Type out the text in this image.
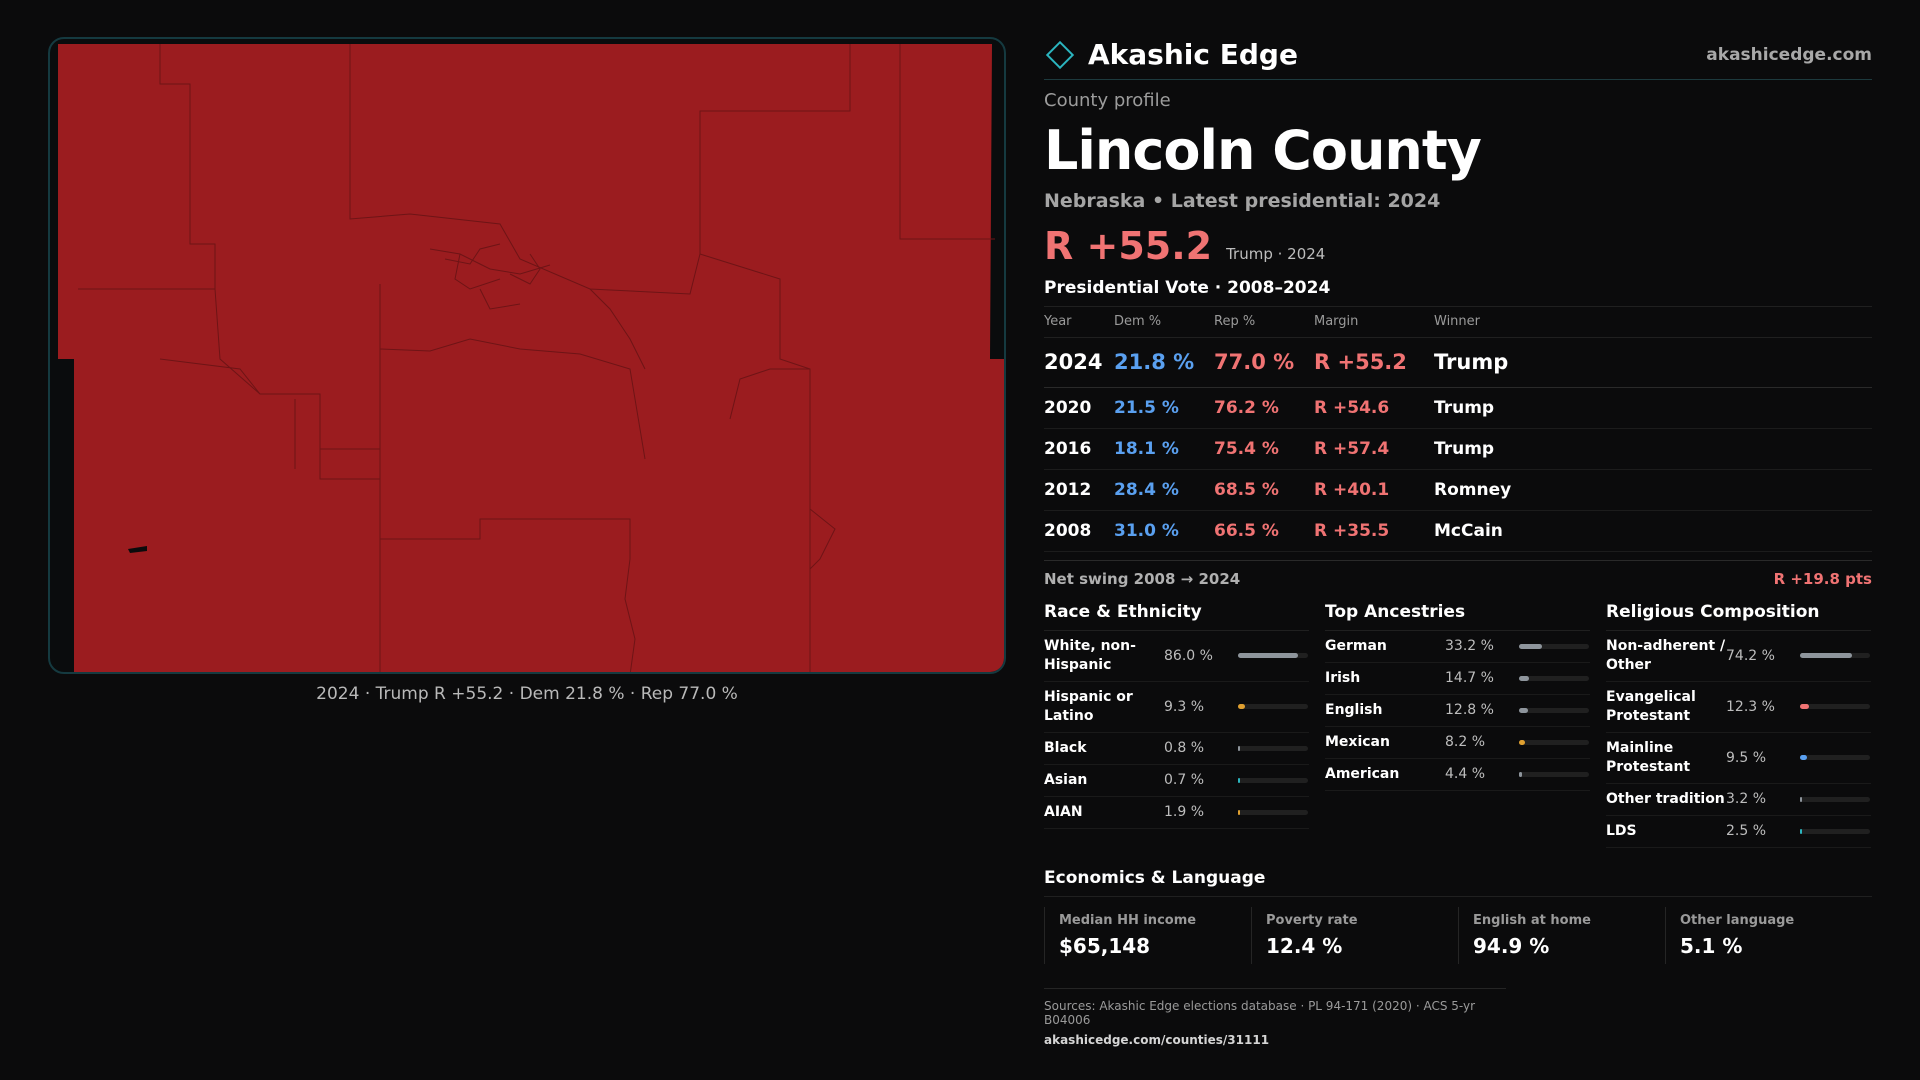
2024 · Trump R +55.2 · Dem 21.8 % · Rep 77.0 %
Akashic Edge	akashicedge.com
County profile
Lincoln County
Nebraska • Latest presidential: 2024
R +55.2 Trump · 2024
Presidential Vote · 2008–2024
Year	Dem %	Rep %	Margin	Winner
2024	21.8 %	77.0 %	R +55.2	Trump
2020	21.5 %	76.2 %	R +54.6	Trump
2016	18.1 %	75.4 %	R +57.4	Trump
2012	28.4 %	68.5 %	R +40.1	Romney
2008	31.0 %	66.5 %	R +35.5	McCain
Net swing 2008 → 2024	R +19.8 pts
Race & Ethnicity
White, non-Hispanic
86.0 %
Hispanic or Latino
9.3 %
Black	0.8 %
Asian	0.7 %
AIAN	1.9 %
Top Ancestries
German	33.2 %
Irish	14.7 %
English	12.8 %
Mexican	8.2 %
American	4.4 %
Religious Composition
Non-adherent / Other
74.2 %
Evangelical Protestant
12.3 %
Mainline Protestant
9.5 %
Other tradition 3.2 %
LDS	2.5 %
Economics & Language
Median HH income
$65,148
Poverty rate
12.4 %
English at home
94.9 %
Other language
5.1 %
Sources: Akashic Edge elections database · PL 94-171 (2020) · ACS 5-yr B04006
akashicedge.com/counties/31111
